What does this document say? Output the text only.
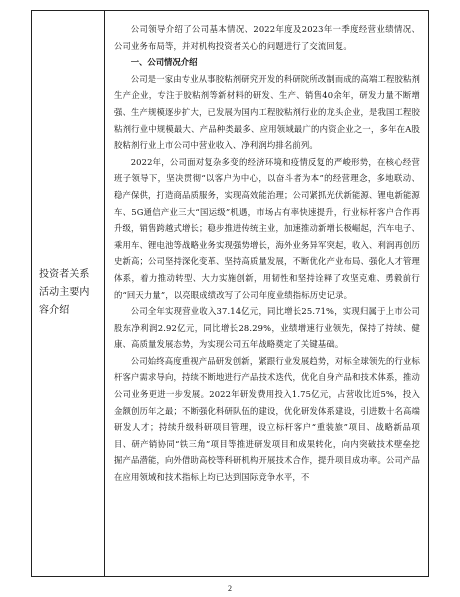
投资者关系活动主要内容介绍

公司领导介绍了公司基本情况、2022年度及2023年一季度经营业绩情况、公司业务布局等，并对机构投资者关心的问题进行了交流回复。

一、公司情况介绍

公司是一家由专业从事胶粘剂研究开发的科研院所改制而成的高端工程胶粘剂生产企业，专注于胶粘剂等新材料的研发、生产、销售40余年，研发力量不断增强、生产规模逐步扩大，已发展为国内工程胶粘剂行业的龙头企业，是我国工程胶粘剂行业中规模最大、产品种类最多、应用领域最广的内资企业之一，多年在A股胶粘剂行业上市公司中营业收入、净利润均排名前列。

2022年，公司面对复杂多变的经济环境和疫情反复的严峻形势，在核心经营班子领导下，坚决贯彻“以客户为中心，以奋斗者为本”的经营理念，多地联动、稳产保供，打造商品质服务，实现高效能治理；公司紧抓光伏新能源、锂电新能源车、5G通信产业三大“国运级”机遇，市场占有率快速提升，行业标杆客户合作再升级，销售跨越式增长；稳步推进传统主业，加速推动新增长极崛起，汽车电子、乘用车、锂电池等战略业务实现强势增长，海外业务异军突起，收入、利润再创历史新高；公司坚持深化变革、坚持高质量发展，不断优化产业布局、强化人才管理体系，着力推动转型、大力实施创新，用韧性和坚持诠释了攻坚克难、勇毅前行的“回天力量”，以亮眼成绩改写了公司年度业绩指标历史记录。

公司全年实现营业收入37.14亿元，同比增长25.71%，实现归属于上市公司股东净利润2.92亿元，同比增长28.29%，业绩增速行业领先，保持了持续、健康、高质量发展态势，为实现公司五年战略奠定了关键基础。

公司始终高度重视产品研发创新，紧跟行业发展趋势，对标全球领先的行业标杆客户需求导向，持续不断地进行产品技术迭代，优化自身产品和技术体系，推动公司业务更进一步发展。2022年研发费用投入1.75亿元，占营收比近5%，投入金额创历年之最；不断强化科研队伍的建设，优化研发体系建设，引进数十名高端研发人才；持续升级科研项目管理，设立标杆客户“重装旅”项目、战略新品项目、研产销协同“铁三角”项目等推进研发项目和成果转化，向内突破技术壁垒挖掘产品潜能，向外借助高校等科研机构开展技术合作，提升项目成功率。公司产品在应用领域和技术指标上均已达到国际竞争水平，不

2
